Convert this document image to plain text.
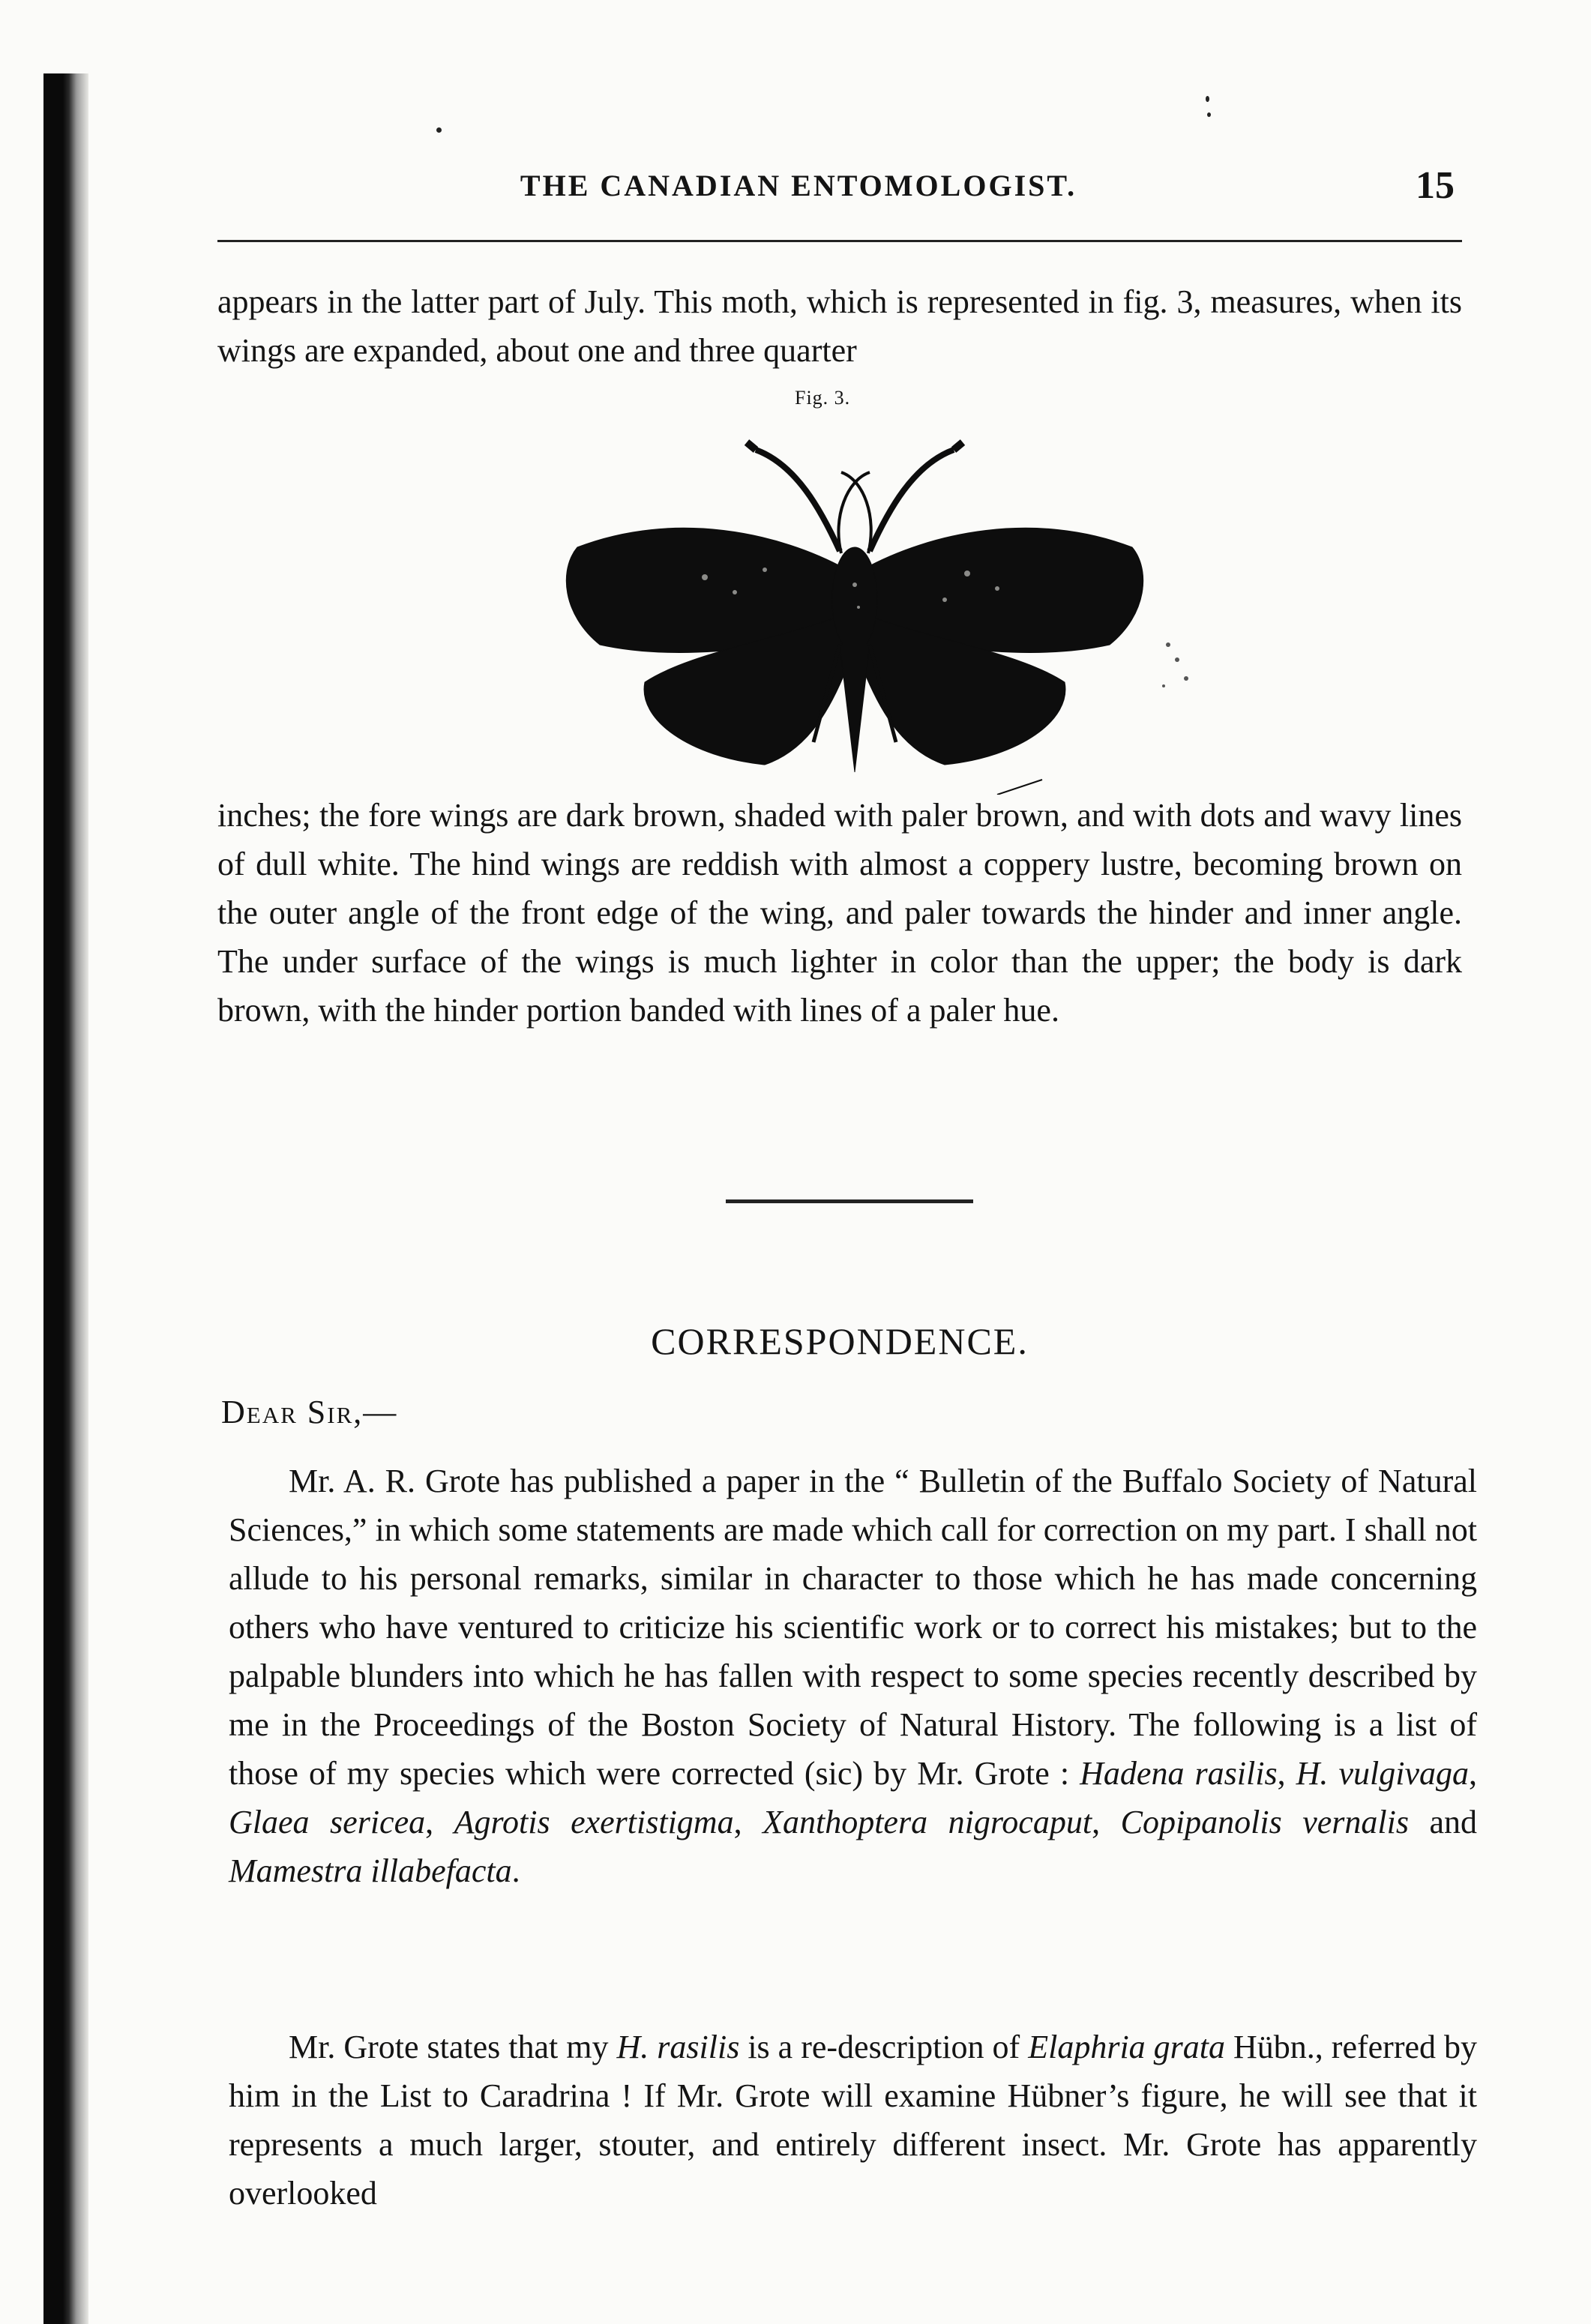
THE CANADIAN ENTOMOLOGIST.	15

appears in the latter part of July. This moth, which is represented in fig. 3, measures, when its wings are expanded, about one and three quarter

Fig. 3.

inches; the fore wings are dark brown, shaded with paler brown, and with dots and wavy lines of dull white. The hind wings are reddish with almost a coppery lustre, becoming brown on the outer angle of the front edge of the wing, and paler towards the hinder and inner angle. The under surface of the wings is much lighter in color than the upper; the body is dark brown, with the hinder portion banded with lines of a paler hue.

CORRESPONDENCE.
Dear Sir,—

Mr. A. R. Grote has published a paper in the “ Bulletin of the Buffalo Society of Natural Sciences,” in which some statements are made which call for correction on my part. I shall not allude to his personal remarks, similar in character to those which he has made concerning others who have ventured to criticize his scientific work or to correct his mistakes; but to the palpable blunders into which he has fallen with respect to some species recently described by me in the Proceedings of the Boston Society of Natural History. The following is a list of those of my species which were corrected (sic) by Mr. Grote : Hadena rasilis, H. vulgivaga, Glaea sericea, Agrotis exertistigma, Xanthoptera nigrocaput, Copipanolis vernalis and Mamestra illabefacta.

Mr. Grote states that my H. rasilis is a re-description of Elaphria grata Hübn., referred by him in the List to Caradrina ! If Mr. Grote will examine Hübner’s figure, he will see that it represents a much larger, stouter, and entirely different insect. Mr. Grote has apparently overlooked
